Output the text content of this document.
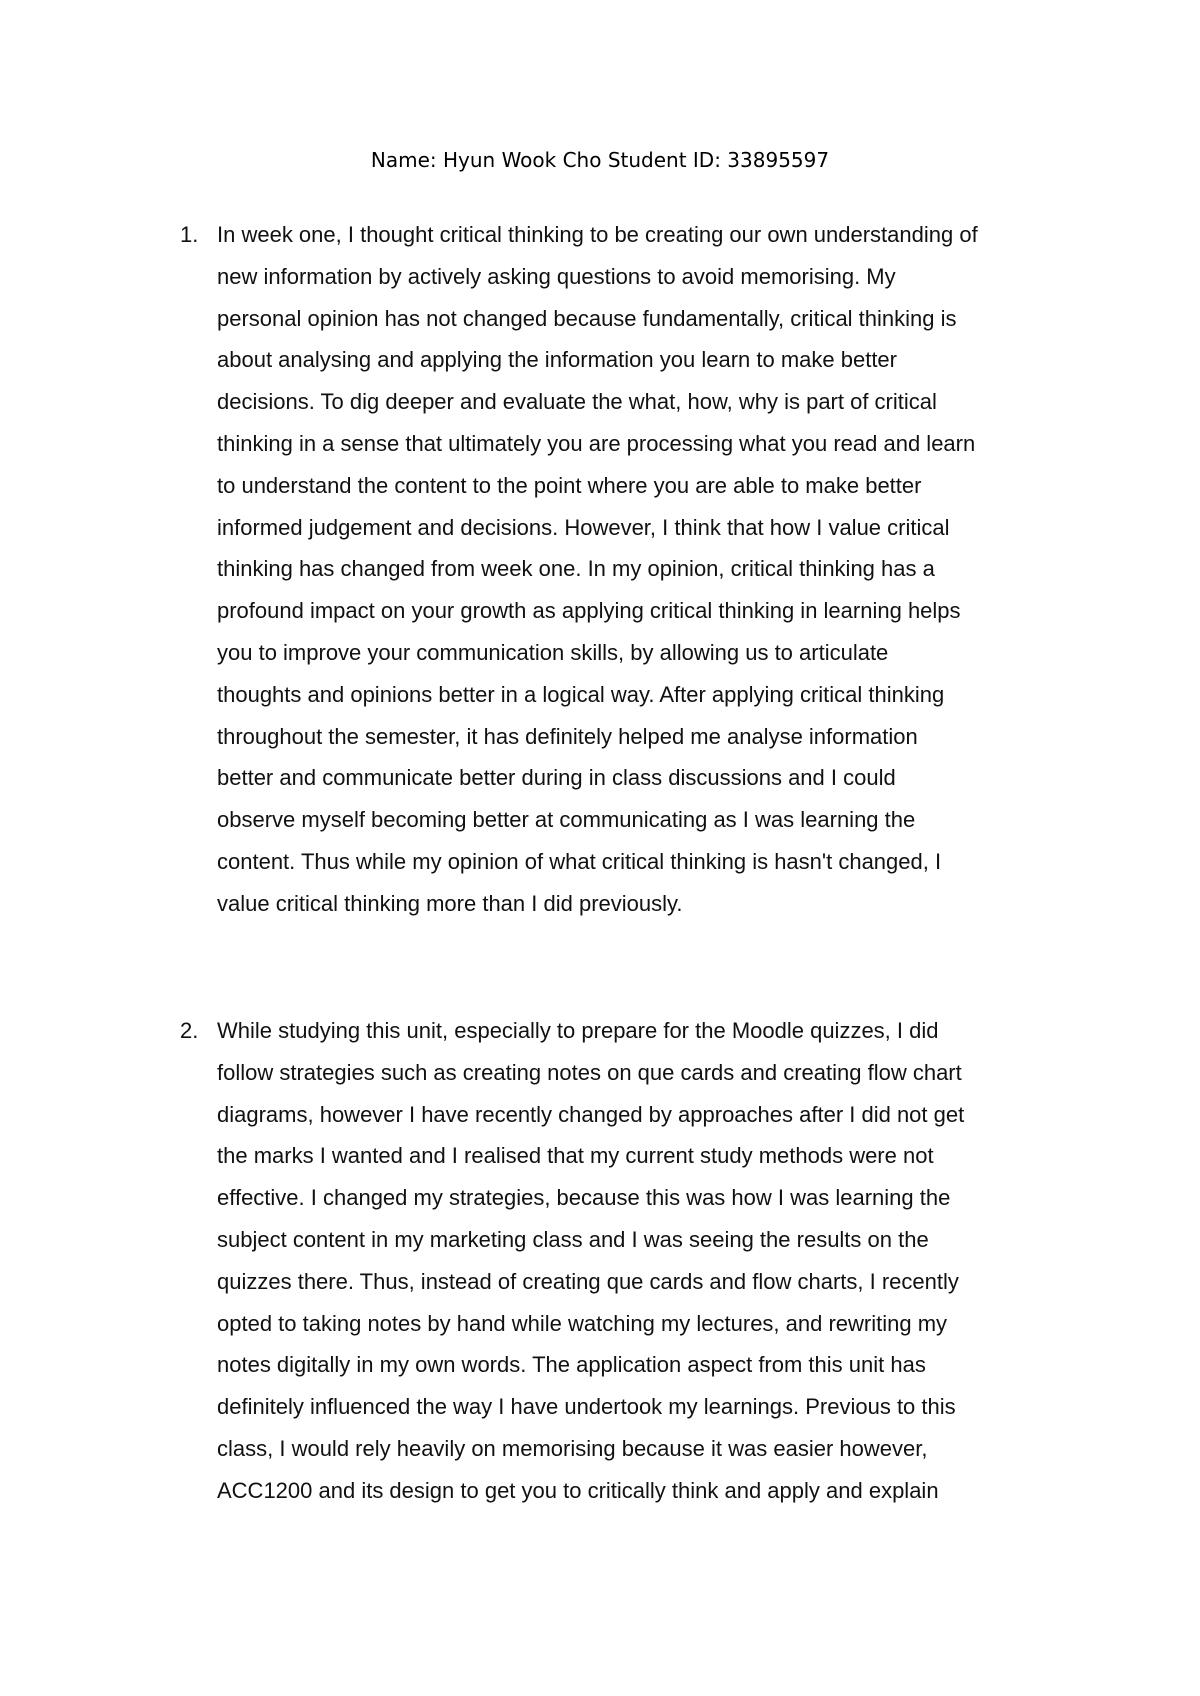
Name: Hyun Wook Cho Student ID: 33895597
1. In week one, I thought critical thinking to be creating our own understanding of
new information by actively asking questions to avoid memorising. My
personal opinion has not changed because fundamentally, critical thinking is
about analysing and applying the information you learn to make better
decisions. To dig deeper and evaluate the what, how, why is part of critical
thinking in a sense that ultimately you are processing what you read and learn
to understand the content to the point where you are able to make better
informed judgement and decisions. However, I think that how I value critical
thinking has changed from week one. In my opinion, critical thinking has a
profound impact on your growth as applying critical thinking in learning helps
you to improve your communication skills, by allowing us to articulate
thoughts and opinions better in a logical way. After applying critical thinking
throughout the semester, it has definitely helped me analyse information
better and communicate better during in class discussions and I could
observe myself becoming better at communicating as I was learning the
content. Thus while my opinion of what critical thinking is hasn't changed, I
value critical thinking more than I did previously.
2. While studying this unit, especially to prepare for the Moodle quizzes, I did
follow strategies such as creating notes on que cards and creating flow chart
diagrams, however I have recently changed by approaches after I did not get
the marks I wanted and I realised that my current study methods were not
effective. I changed my strategies, because this was how I was learning the
subject content in my marketing class and I was seeing the results on the
quizzes there. Thus, instead of creating que cards and flow charts, I recently
opted to taking notes by hand while watching my lectures, and rewriting my
notes digitally in my own words. The application aspect from this unit has
definitely influenced the way I have undertook my learnings. Previous to this
class, I would rely heavily on memorising because it was easier however,
ACC1200 and its design to get you to critically think and apply and explain
